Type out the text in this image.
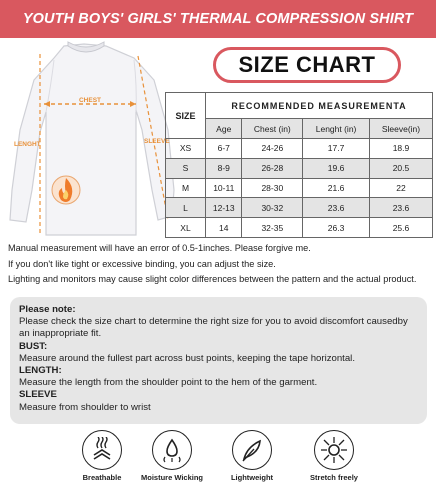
YOUTH BOYS' GIRLS' THERMAL COMPRESSION SHIRT
CHEST
LENGHT	SLEEVE
SIZE CHART
SIZE	RECOMMENDED MEASUREMENTA			
	Age	Chest (in)	Lenght (in)	Sleeve(in)
XS	6-7	24-26	17.7	18.9
S	8-9	26-28	19.6	20.5
M	10-11	28-30	21.6	22
L	12-13	30-32	23.6	23.6
XL	14	32-35	26.3	25.6

Manual measurement will have an error of 0.5-1inches. Please forgive me.

If you don't like tight or excessive binding, you can adjust the size.

Lighting and monitors may cause slight color differences between the pattern and the actual product.

Please note:
Please check the size chart to determine the right size for you to avoid discomfort causedby an inappropriate fit.
BUST:
Measure around the fullest part across bust points, keeping the tape horizontal.
LENGTH:
Measure the length from the shoulder point to the hem of the garment.
SLEEVE
Measure from shoulder to wrist
Breathable	Moisture Wicking	Lightweight	Stretch freely
